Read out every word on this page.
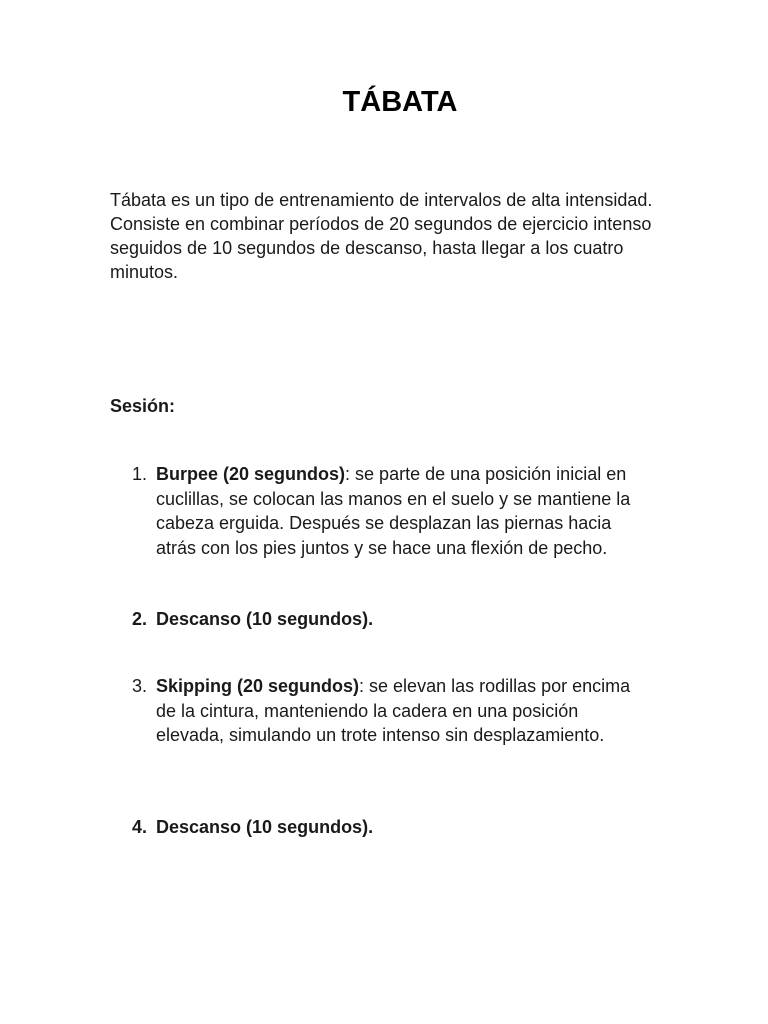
TÁBATA

Tábata es un tipo de entrenamiento de intervalos de alta intensidad. Consiste en combinar períodos de 20 segundos de ejercicio intenso seguidos de 10 segundos de descanso, hasta llegar a los cuatro minutos.

Sesión:

1. Burpee (20 segundos): se parte de una posición inicial en cuclillas, se colocan las manos en el suelo y se mantiene la cabeza erguida. Después se desplazan las piernas hacia atrás con los pies juntos y se hace una flexión de pecho.
2. Descanso (10 segundos).
3. Skipping (20 segundos): se elevan las rodillas por encima de la cintura, manteniendo la cadera en una posición elevada, simulando un trote intenso sin desplazamiento.
4. Descanso (10 segundos).
